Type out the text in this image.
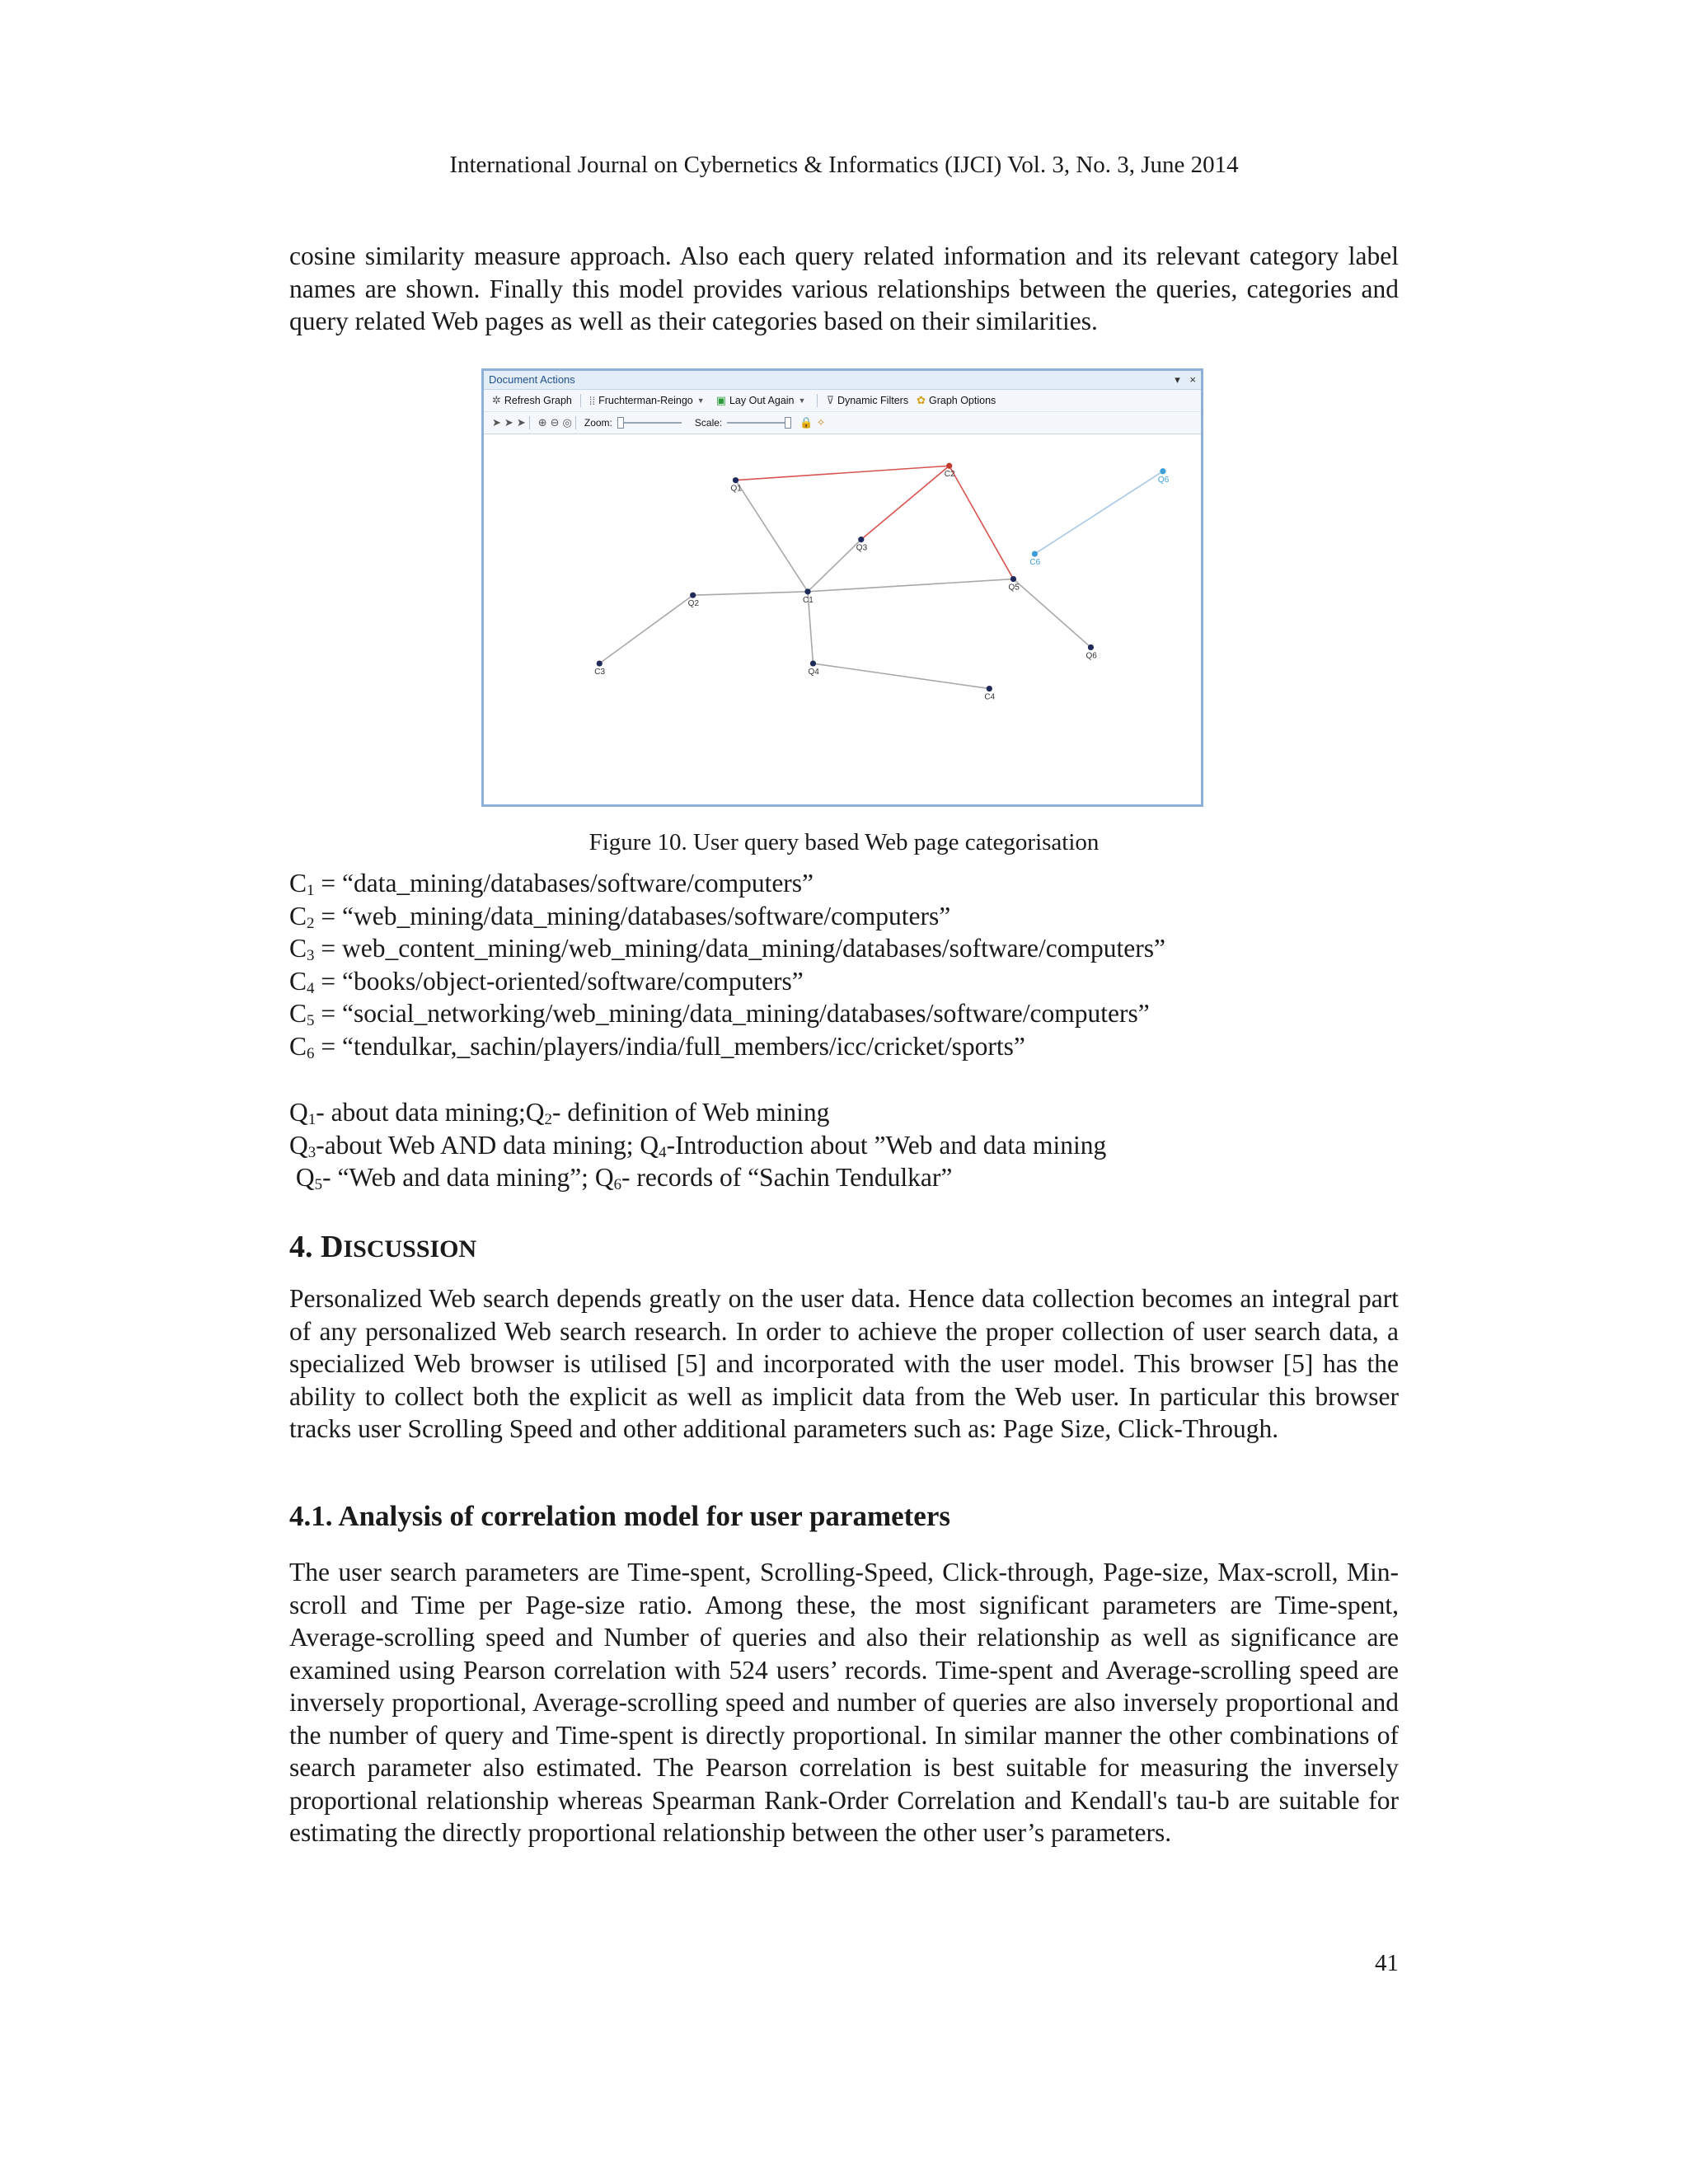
International Journal on Cybernetics & Informatics (IJCI) Vol. 3, No. 3, June 2014
cosine similarity measure approach. Also each query related information and its relevant category label names are shown. Finally this model provides various relationships between the queries, categories and query related Web pages as well as their categories based on their similarities.
Document Actions	▾ ×
✲ Refresh Graph ⁞⁞ Fruchterman-Reingo ▼ ▣ Lay Out Again ▼ ⊽ Dynamic Filters ✿ Graph Options
➤ ➤ ➤ ⊕ ⊖ ◎ Zoom:	Scale:	🔒 ✧
Q1
C2
Q6
Q3
C6
Q5
Q2	C1
Q6
C3	Q4
C4
Figure 10. User query based Web page categorisation
$C_1$ = “data_mining/databases/software/computers”
$C_2$ = “web_mining/data_mining/databases/software/computers”
$C_3$ = web_content_mining/web_mining/data_mining/databases/software/computers”
$C_4$ = “books/object-oriented/software/computers”
$C_5$ = “social_networking/web_mining/data_mining/databases/software/computers”
$C_6$ = “tendulkar,_sachin/players/india/full_members/icc/cricket/sports”
$Q_1-$ about data $mining;Q_2-$ definition of Web mining
$Q_3$-about Web AND data mining; $Q_4$-Introduction about ”Web and data mining
$Q_5-$ “Web and data mining”; $Q_6-$ records of “Sachin Tendulkar”
4. DISCUSSION
Personalized Web search depends greatly on the user data. Hence data collection becomes an integral part of any personalized Web search research. In order to achieve the proper collection of user search data, a specialized Web browser is utilised [5] and incorporated with the user model. This browser [5] has the ability to collect both the explicit as well as implicit data from the Web user. In particular this browser tracks user Scrolling Speed and other additional parameters such as: Page Size, Click-Through.
4.1. Analysis of correlation model for user parameters
The user search parameters are Time-spent, Scrolling-Speed, Click-through, Page-size, Max-scroll, Min-scroll and Time per Page-size ratio. Among these, the most significant parameters are Time-spent, Average-scrolling speed and Number of queries and also their relationship as well as significance are examined using Pearson correlation with 524 users’ records. Time-spent and Average-scrolling speed are inversely proportional, Average-scrolling speed and number of queries are also inversely proportional and the number of query and Time-spent is directly proportional. In similar manner the other combinations of search parameter also estimated. The Pearson correlation is best suitable for measuring the inversely proportional relationship whereas Spearman Rank-Order Correlation and Kendall's tau-b are suitable for estimating the directly proportional relationship between the other user’s parameters.
41
